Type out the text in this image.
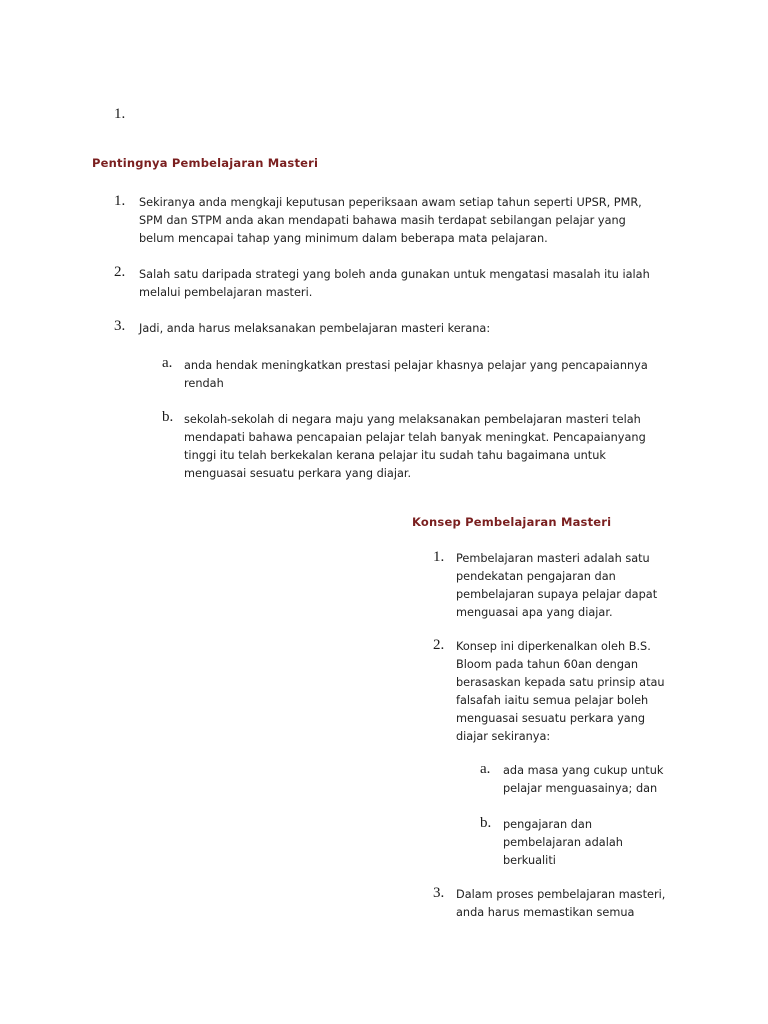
1.
Pentingnya Pembelajaran Masteri
1. Sekiranya anda mengkaji keputusan peperiksaan awam setiap tahun seperti UPSR, PMR,
SPM dan STPM anda akan mendapati bahawa masih terdapat sebilangan pelajar yang
belum mencapai tahap yang minimum dalam beberapa mata pelajaran.
2. Salah satu daripada strategi yang boleh anda gunakan untuk mengatasi masalah itu ialah
melalui pembelajaran masteri.
3. Jadi, anda harus melaksanakan pembelajaran masteri kerana:
a. anda hendak meningkatkan prestasi pelajar khasnya pelajar yang pencapaiannya
rendah
b. sekolah-sekolah di negara maju yang melaksanakan pembelajaran masteri telah
mendapati bahawa pencapaian pelajar telah banyak meningkat. Pencapaianyang
tinggi itu telah berkekalan kerana pelajar itu sudah tahu bagaimana untuk
menguasai sesuatu perkara yang diajar.
Konsep Pembelajaran Masteri
1. Pembelajaran masteri adalah satu
pendekatan pengajaran dan
pembelajaran supaya pelajar dapat
menguasai apa yang diajar.
2. Konsep ini diperkenalkan oleh B.S.
Bloom pada tahun 60an dengan
berasaskan kepada satu prinsip atau
falsafah iaitu semua pelajar boleh
menguasai sesuatu perkara yang
diajar sekiranya:
a. ada masa yang cukup untuk
pelajar menguasainya; dan
b. pengajaran dan
pembelajaran adalah
berkualiti
3. Dalam proses pembelajaran masteri,
anda harus memastikan semua
